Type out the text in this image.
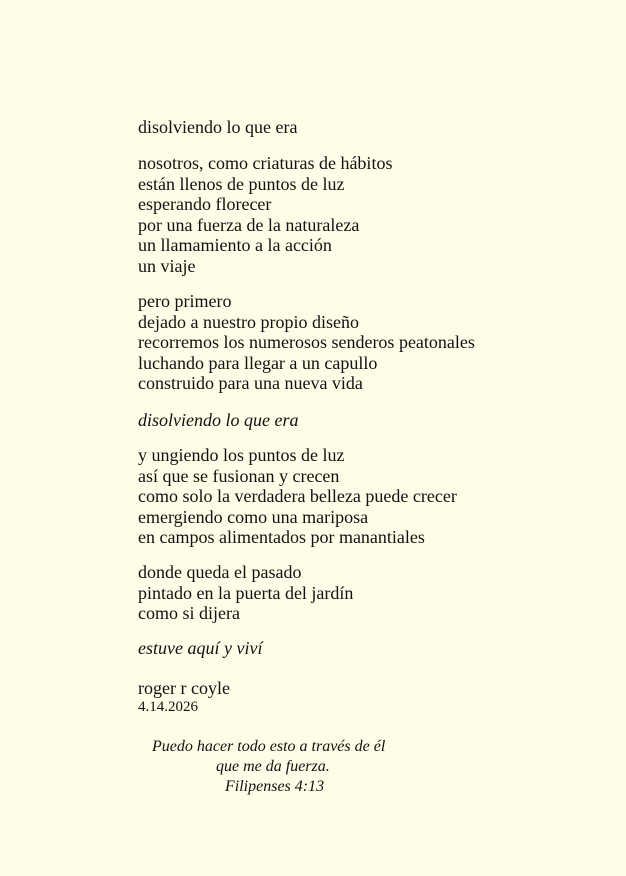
disolviendo lo que era
nosotros, como criaturas de hábitos
están llenos de puntos de luz
esperando florecer
por una fuerza de la naturaleza
un llamamiento a la acción
un viaje
pero primero
dejado a nuestro propio diseño
recorremos los numerosos senderos peatonales
luchando para llegar a un capullo
construido para una nueva vida
disolviendo lo que era
y ungiendo los puntos de luz
así que se fusionan y crecen
como solo la verdadera belleza puede crecer
emergiendo como una mariposa
en campos alimentados por manantiales
donde queda el pasado
pintado en la puerta del jardín
como si dijera
estuve aquí y viví
roger r coyle
4.14.2026
Puedo hacer todo esto a través de él
que me da fuerza.
Filipenses 4:13
